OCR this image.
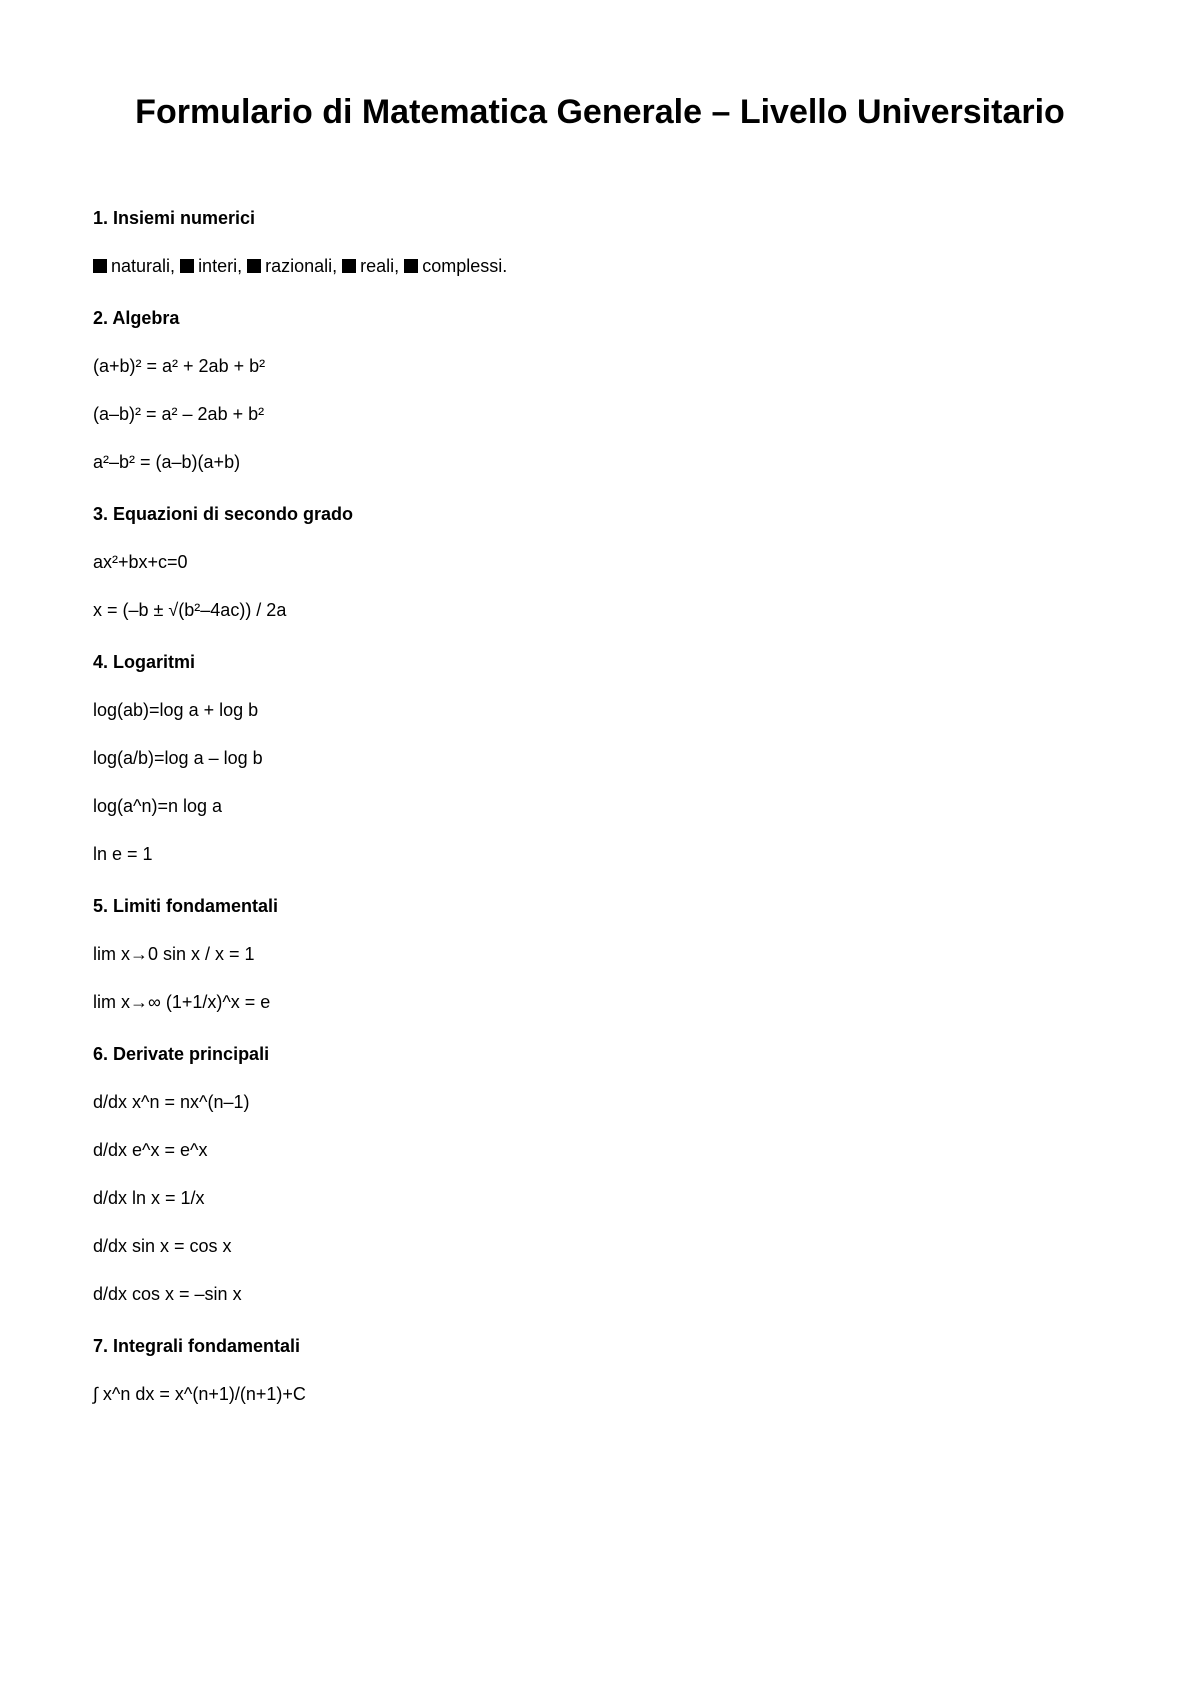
Formulario di Matematica Generale – Livello Universitario
1. Insiemi numerici
naturali, interi, razionali, reali, complessi.
2. Algebra
(a+b)² = a² + 2ab + b²
(a–b)² = a² – 2ab + b²
a²–b² = (a–b)(a+b)
3. Equazioni di secondo grado
ax²+bx+c=0
x = (–b ± √(b²–4ac)) / 2a
4. Logaritmi
log(ab)=log a + log b
log(a/b)=log a – log b
log(a^n)=n log a
ln e = 1
5. Limiti fondamentali
lim x→0 sin x / x = 1
lim x→∞ (1+1/x)^x = e
6. Derivate principali
d/dx x^n = nx^(n–1)
d/dx e^x = e^x
d/dx ln x = 1/x
d/dx sin x = cos x
d/dx cos x = –sin x
7. Integrali fondamentali
∫ x^n dx = x^(n+1)/(n+1)+C
